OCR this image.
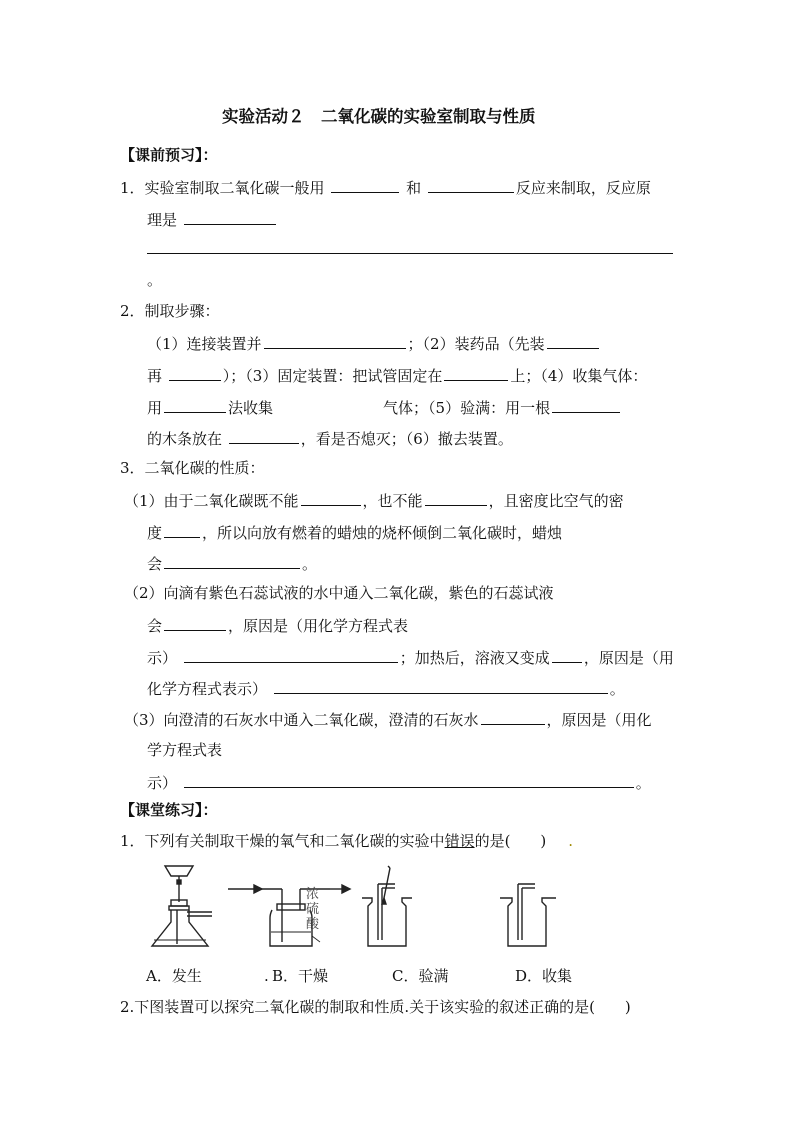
实验活动２　二氧化碳的实验室制取与性质
【课前预习】：
1．实验室制取二氧化碳一般用	和	反应来制取，反应原
理是
。
2．制取步骤：
（1）连接装置并	；（2）装药品（先装
再	）；（3）固定装置：把试管固定在	上；（4）收集气体：
用	法收集	气体；（5）验满：用一根
的木条放在	，看是否熄灭；（6）撤去装置。
3．二氧化碳的性质：
（1）由于二氧化碳既不能	，也不能	，且密度比空气的密
度	，所以向放有燃着的蜡烛的烧杯倾倒二氧化碳时，蜡烛
会	。
（2）向滴有紫色石蕊试液的水中通入二氧化碳，紫色的石蕊试液
会	，原因是（用化学方程式表
示）	；加热后，溶液又变成 ，原因是（用
化学方程式表示）	。
（3）向澄清的石灰水中通入二氧化碳，澄清的石灰水	，原因是（用化
学方程式表
示）	。
【课堂练习】：
1．下列有关制取干燥的氧气和二氧化碳的实验中错误的是(　　) .
浓
硫
酸
A．发生	. B．干燥	C．验满	D．收集
2.下图装置可以探究二氧化碳的制取和性质.关于该实验的叙述正确的是(　　)
